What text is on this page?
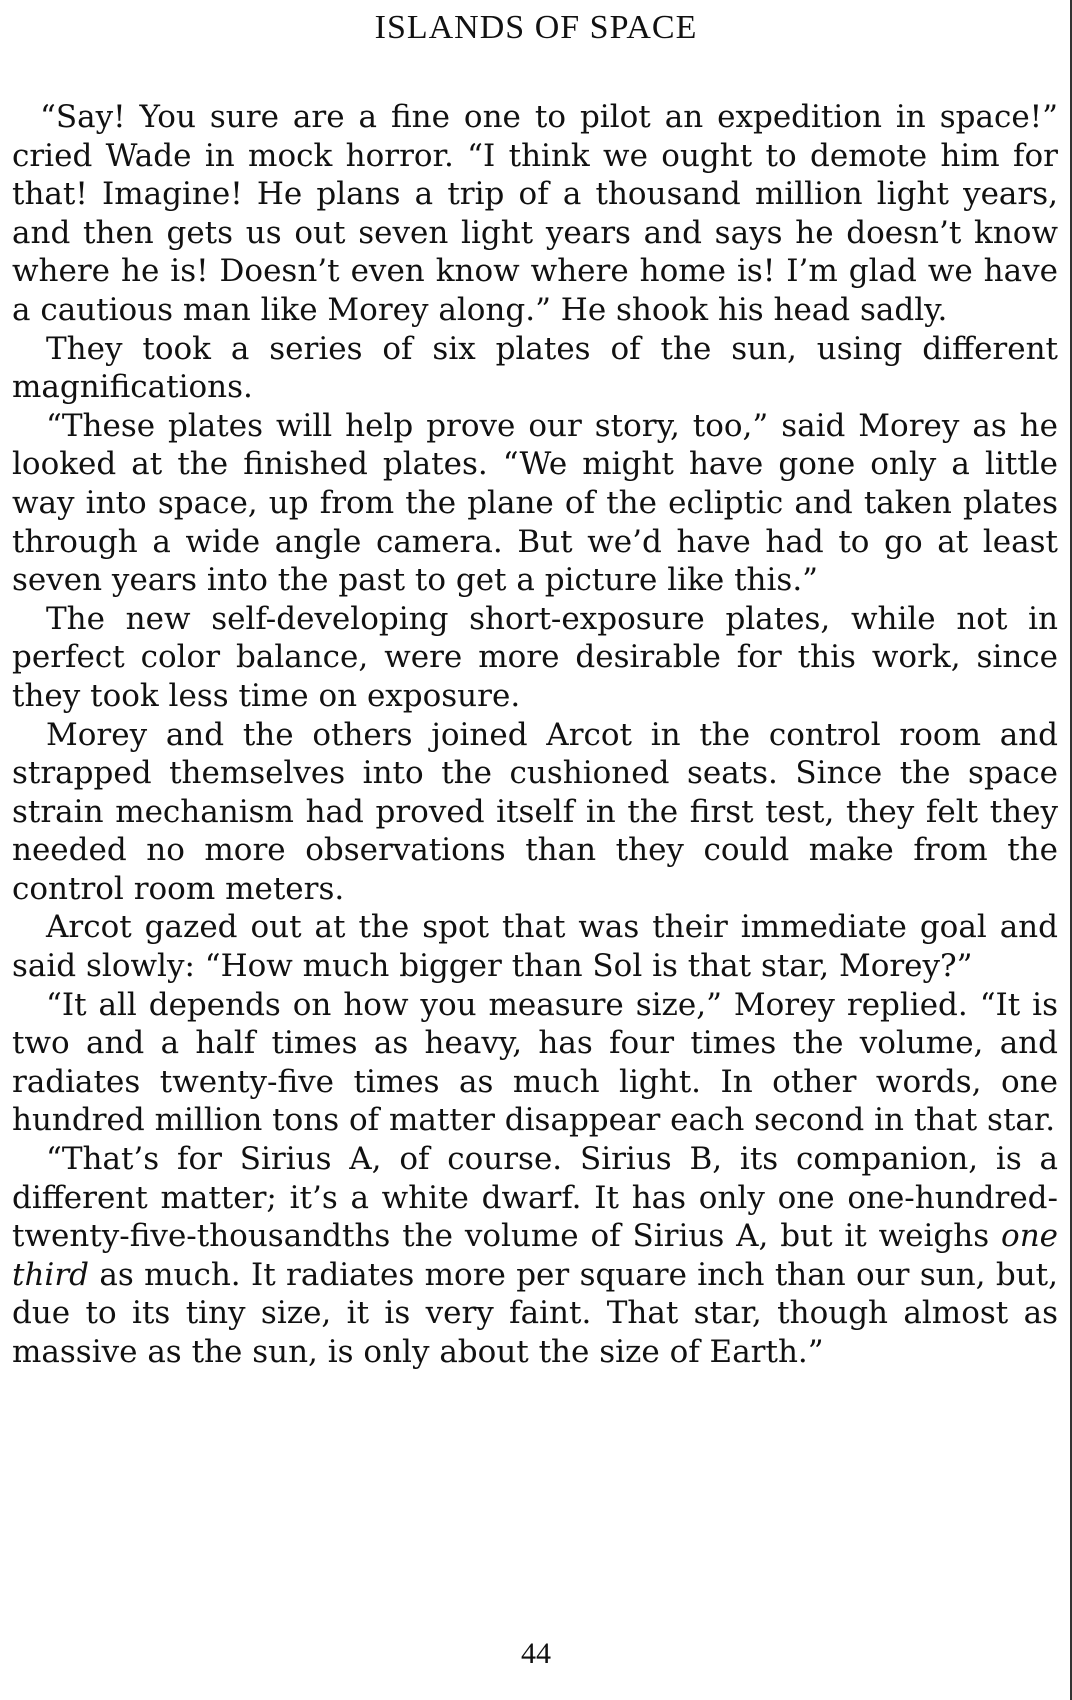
ISLANDS OF SPACE

“Say! You sure are a fine one to pilot an expedition in space!” cried Wade in mock horror. “I think we ought to demote him for that! Imagine! He plans a trip of a thousand million light years, and then gets us out seven light years and says he doesn’t know where he is! Doesn’t even know where home is! I’m glad we have a cautious man like Morey along.” He shook his head sadly.

They took a series of six plates of the sun, using different magnifications.

“These plates will help prove our story, too,” said Morey as he looked at the finished plates. “We might have gone only a little way into space, up from the plane of the ecliptic and taken plates through a wide angle camera. But we’d have had to go at least seven years into the past to get a picture like this.”

The new self-developing short-exposure plates, while not in perfect color balance, were more desirable for this work, since they took less time on exposure.

Morey and the others joined Arcot in the control room and strapped themselves into the cushioned seats. Since the space strain mechanism had proved itself in the first test, they felt they needed no more observations than they could make from the control room meters.

Arcot gazed out at the spot that was their immediate goal and said slowly: “How much bigger than Sol is that star, Morey?”

“It all depends on how you measure size,” Morey replied. “It is two and a half times as heavy, has four times the volume, and radiates twenty-five times as much light. In other words, one hundred million tons of matter disappear each second in that star.

“That’s for Sirius A, of course. Sirius B, its companion, is a different matter; it’s a white dwarf. It has only one one-hundred-twenty-five-thousandths the volume of Sirius A, but it weighs one third as much. It radiates more per square inch than our sun, but, due to its tiny size, it is very faint. That star, though almost as massive as the sun, is only about the size of Earth.”

44
